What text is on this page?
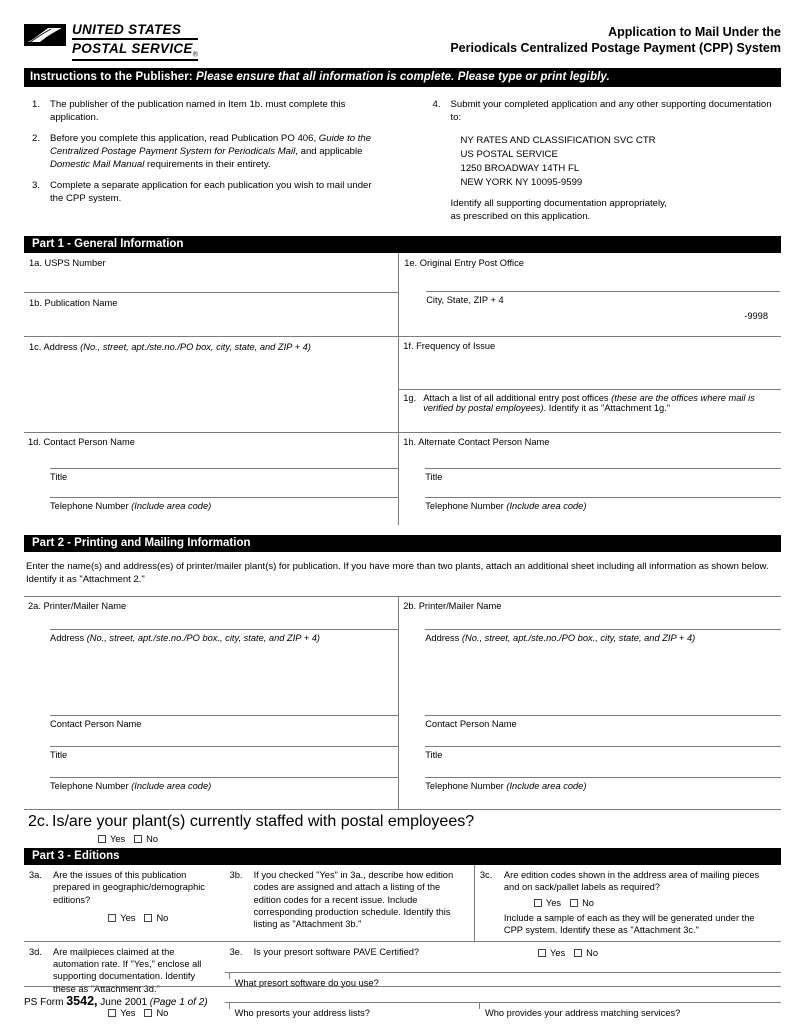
UNITED STATES
POSTAL $SERVICE_®$
Application to Mail Under the
Periodicals Centralized Postage Payment (CPP) System
Instructions to the Publisher: Please ensure that all information is complete. Please type or print legibly.
1.	The publisher of the publication named in Item 1b. must complete this application.
2.	Before you complete this application, read Publication PO 406, Guide to the Centralized Postage Payment System for Periodicals Mail, and applicable Domestic Mail Manual requirements in their entirety.
3.	Complete a separate application for each publication you wish to mail under the CPP system.
4.	Submit your completed application and any other supporting documentation to:
NY RATES AND CLASSIFICATION SVC CTR
US POSTAL SERVICE
1250 BROADWAY 14TH FL
NEW YORK NY 10095-9599
Identify all supporting documentation appropriately,
as prescribed on this application.
Part 1 - General Information
1a. USPS Number	1e. Original Entry Post Office
City, State, ZIP + 4
-9998

1b. Publication Name	

1c. Address (No., street, apt./ste.no./PO box, city, state, and ZIP + 4)	1f. Frequency of Issue
1g. Attach a list of all additional entry post offices (these are the offices where mail is verified by postal employees). Identify it as "Attachment 1g."

1d. Contact Person Name
Title
Telephone Number (Include area code)

1h. Alternate Contact Person Name
Title
Telephone Number (Include area code)
Part 2 - Printing and Mailing Information
Enter the name(s) and address(es) of printer/mailer plant(s) for publication. If you have more than two plants, attach an additional sheet including all information as shown below. Identify it as "Attachment 2."
2a. Printer/Mailer Name
Address (No., street, apt./ste.no./PO box., city, state, and ZIP + 4)
Contact Person Name
Title
Telephone Number (Include area code)

2b. Printer/Mailer Name
Address (No., street, apt./ste.no./PO box., city, state, and ZIP + 4)
Contact Person Name
Title
Telephone Number (Include area code)
2c. Is/are your plant(s) currently staffed with postal employees?
Yes No
Part 3 - Editions
3a.	Are the issues of this publication prepared in geographic/demographic editions?
Yes No

3b.	If you checked "Yes" in 3a., describe how edition codes are assigned and attach a listing of the edition codes for a recent issue. Include corresponding production schedule. Identify this listing as "Attachment 3b."

3c.	Are edition codes shown in the address area of mailing pieces and on sack/pallet labels as required?
Yes No
Include a sample of each as they will be generated under the CPP system. Identify these as "Attachment 3c."

3d.	Are mailpieces claimed at the automation rate. If "Yes," enclose all supporting documentation. Identify these as "Attachment 3d."
Yes No

3e.	Is your presort software PAVE Certified?	Yes No

What presort software do you use?

Who presorts your address lists?	Who provides your address matching services?
PS Form 3542, June 2001 (Page 1 of 2)
